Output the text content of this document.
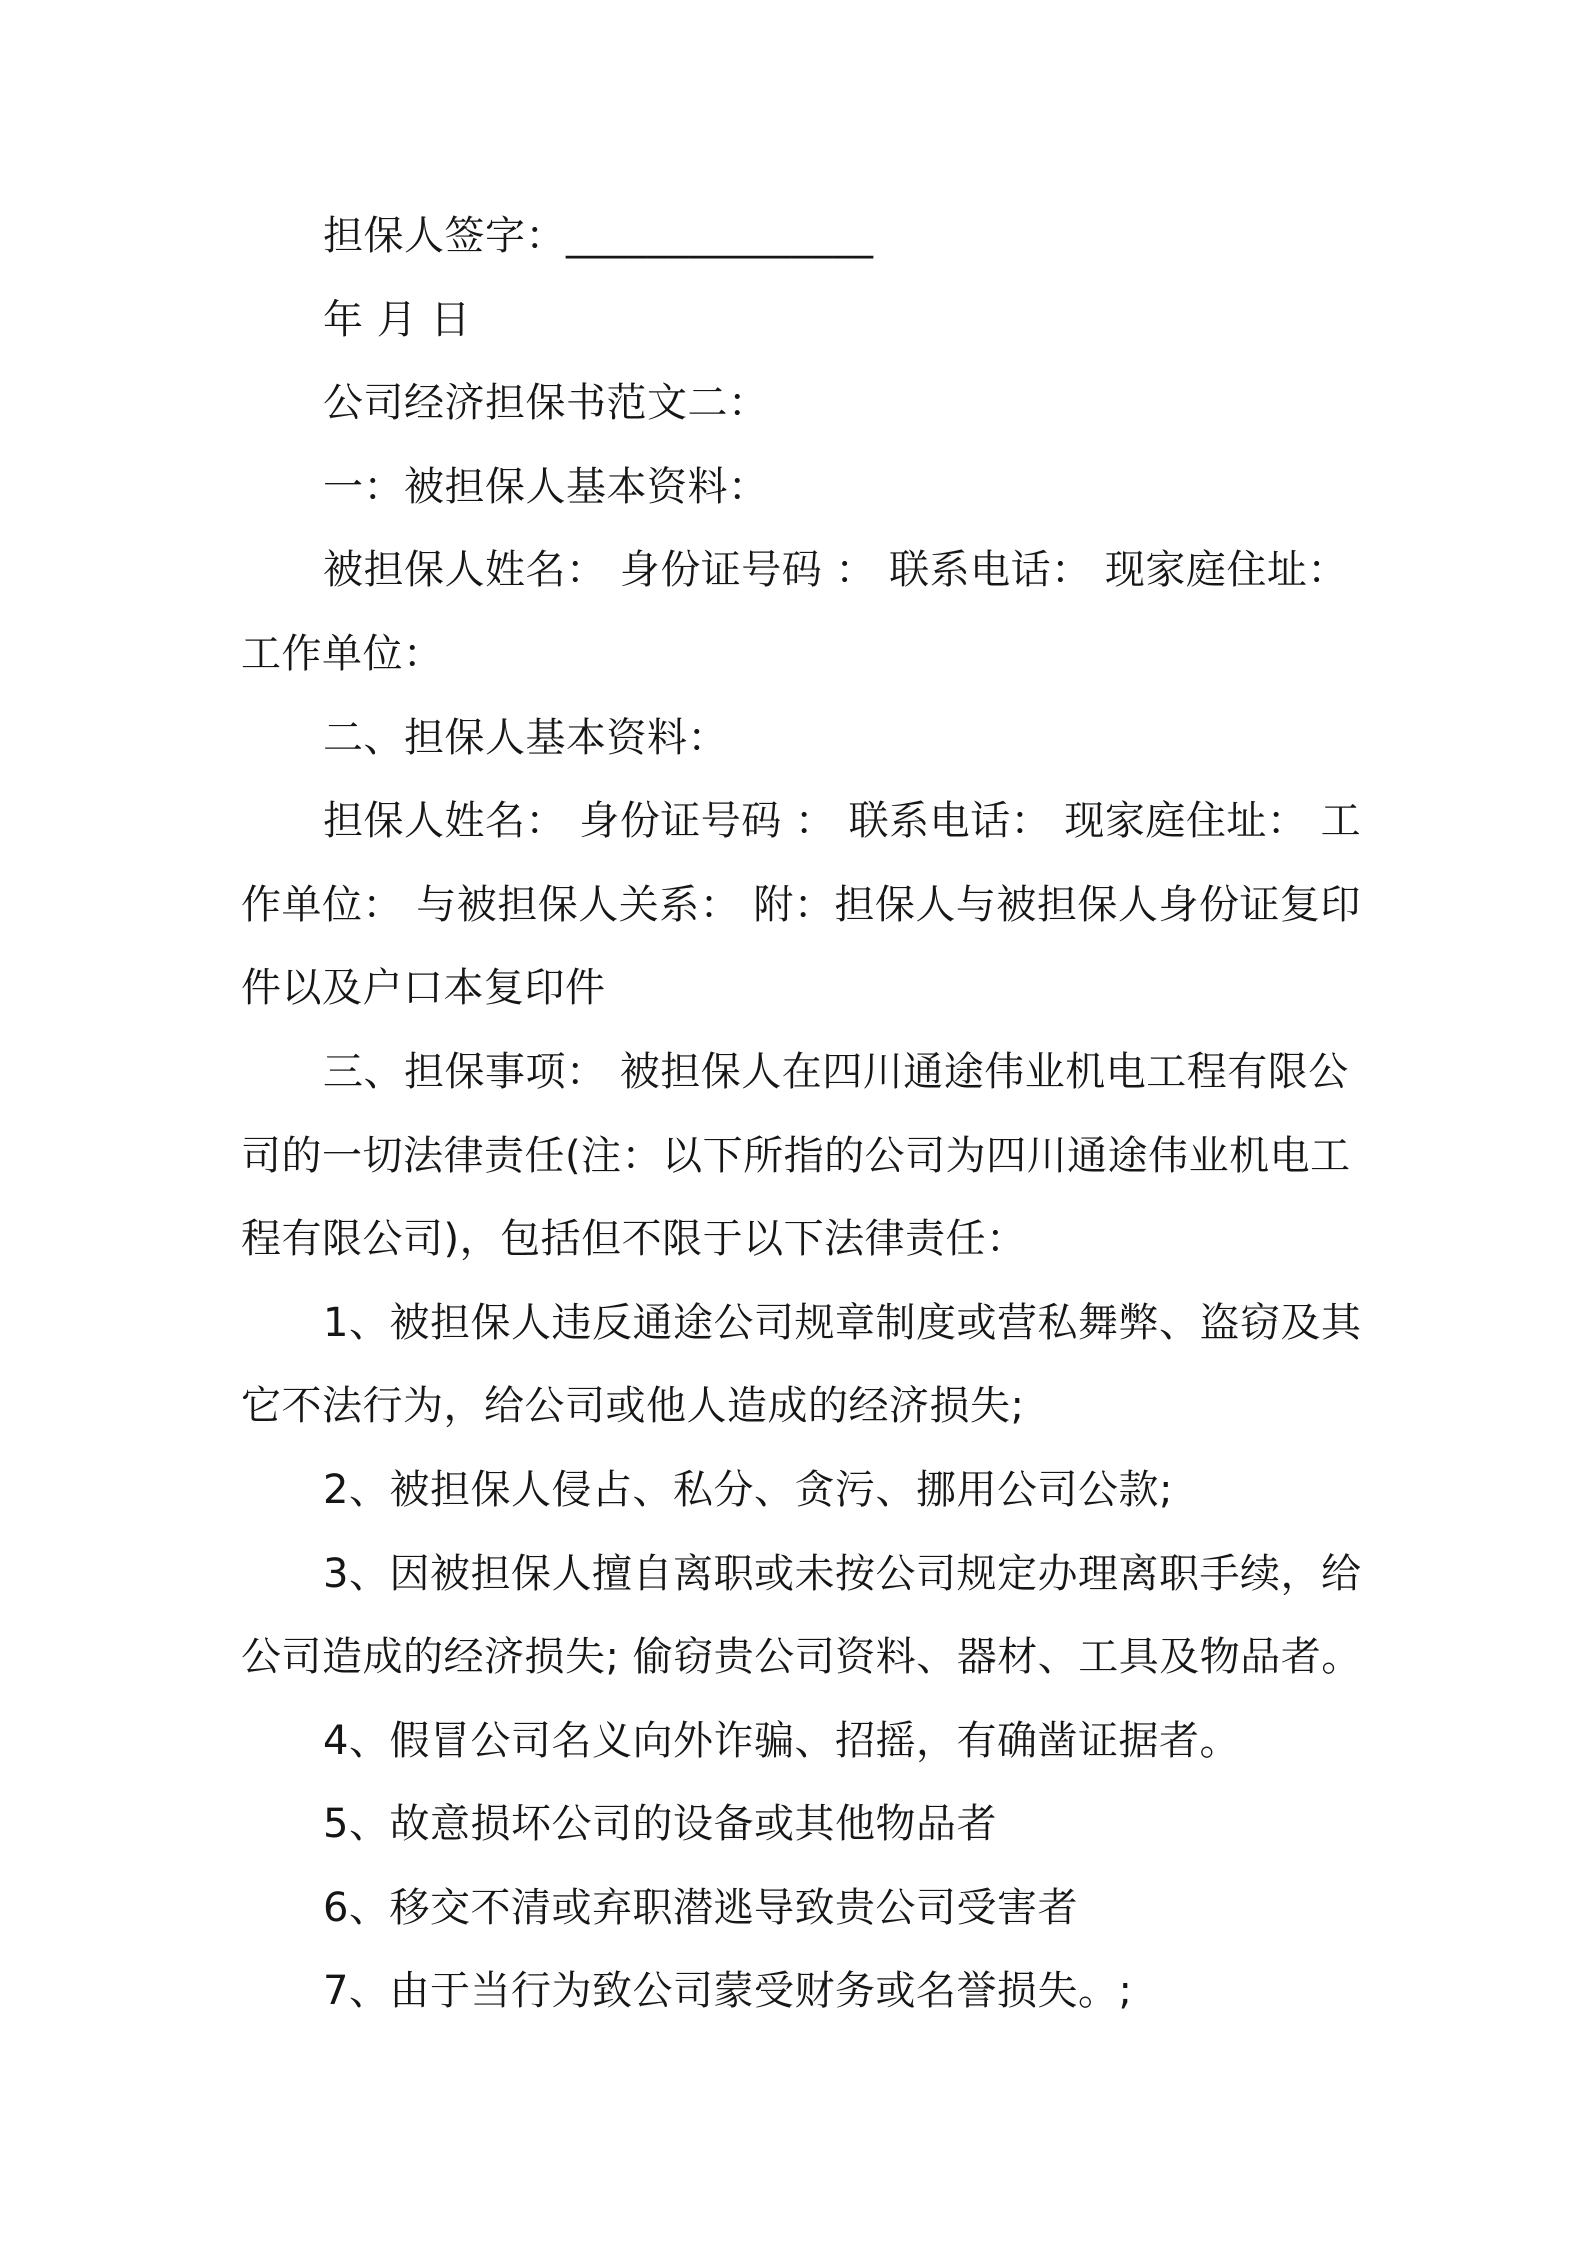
担保人签字：_______________
年 月 日
公司经济担保书范文二：
一：被担保人基本资料：
被担保人姓名： 身份证号码 ： 联系电话： 现家庭住址：
工作单位：
二、担保人基本资料：
担保人姓名： 身份证号码 ： 联系电话： 现家庭住址： 工
作单位： 与被担保人关系： 附：担保人与被担保人身份证复印
件以及户口本复印件
三、担保事项： 被担保人在四川通途伟业机电工程有限公
司的一切法律责任(注：以下所指的公司为四川通途伟业机电工
程有限公司)，包括但不限于以下法律责任：
1、被担保人违反通途公司规章制度或营私舞弊、盗窃及其
它不法行为，给公司或他人造成的经济损失;
2、被担保人侵占、私分、贪污、挪用公司公款;
3、因被担保人擅自离职或未按公司规定办理离职手续，给
公司造成的经济损失; 偷窃贵公司资料、器材、工具及物品者。
4、假冒公司名义向外诈骗、招摇，有确凿证据者。
5、故意损坏公司的设备或其他物品者
6、移交不清或弃职潜逃导致贵公司受害者
7、由于当行为致公司蒙受财务或名誉损失。;
